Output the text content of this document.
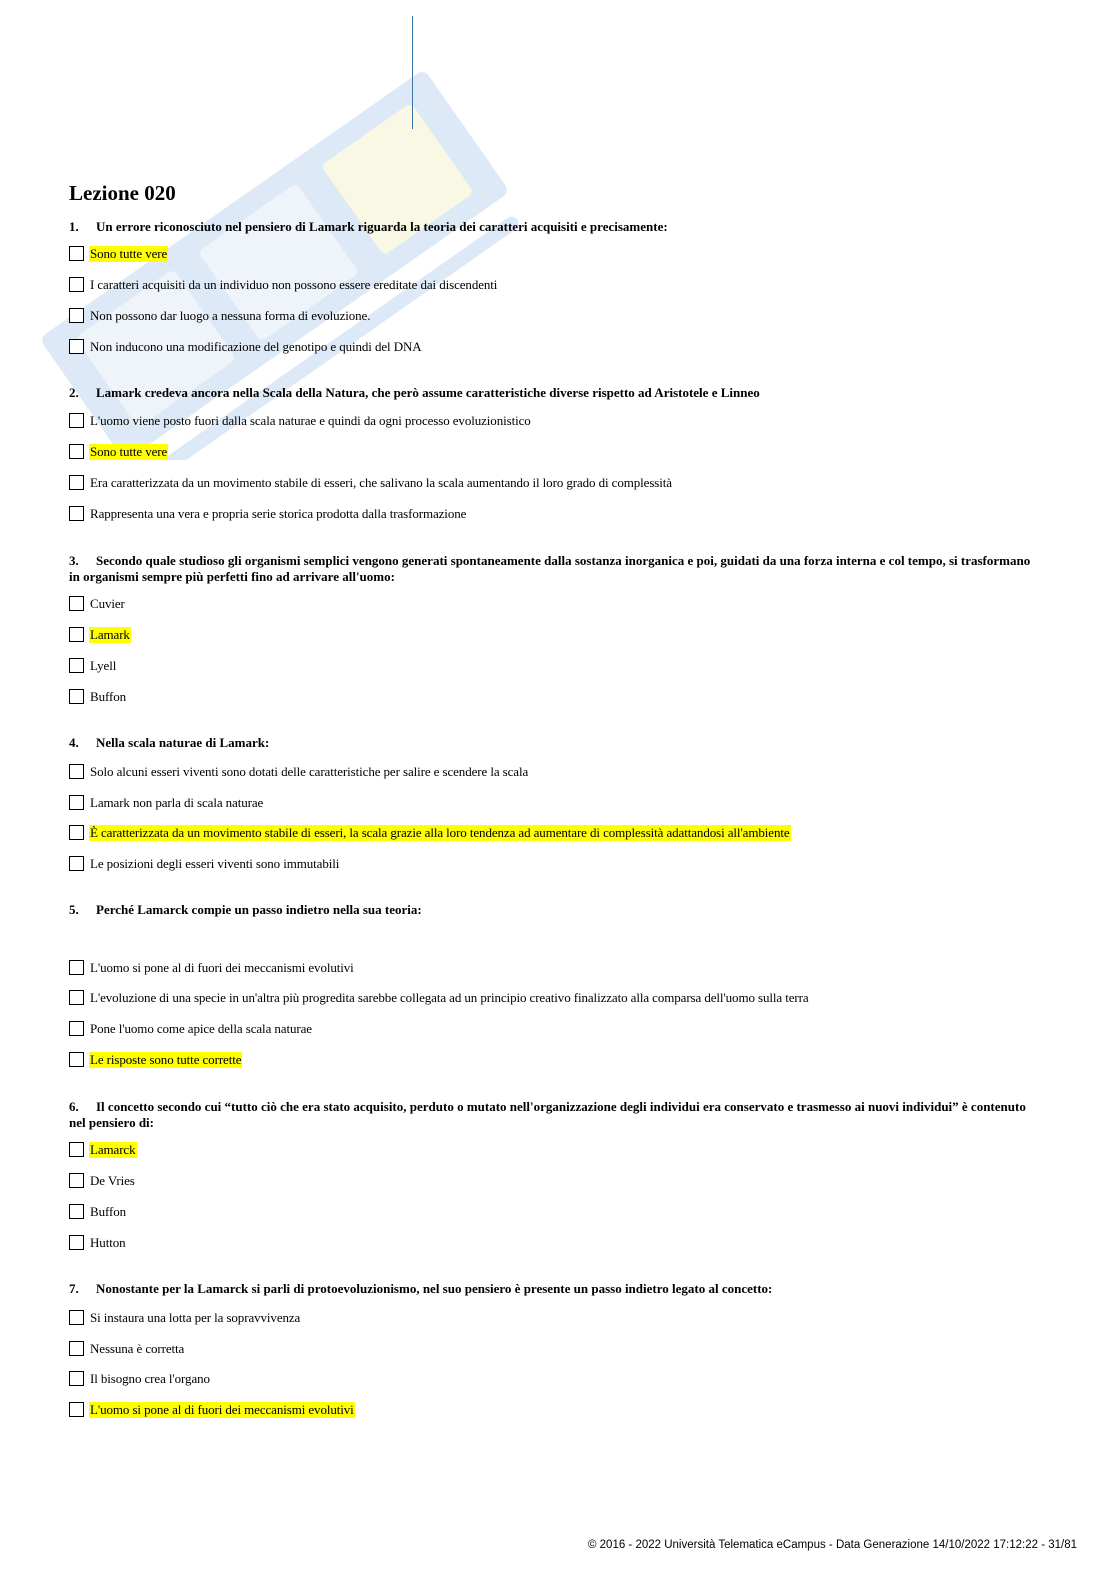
Lezione 020

1. Un errore riconosciuto nel pensiero di Lamark riguarda la teoria dei caratteri acquisiti e precisamente:

Sono tutte vere
I caratteri acquisiti da un individuo non possono essere ereditate dai discendenti
Non possono dar luogo a nessuna forma di evoluzione.
Non inducono una modificazione del genotipo e quindi del DNA

2. Lamark credeva ancora nella Scala della Natura, che però assume caratteristiche diverse rispetto ad Aristotele e Linneo

L'uomo viene posto fuori dalla scala naturae e quindi da ogni processo evoluzionistico
Sono tutte vere
Era caratterizzata da un movimento stabile di esseri, che salivano la scala aumentando il loro grado di complessità
Rappresenta una vera e propria serie storica prodotta dalla trasformazione

3. Secondo quale studioso gli organismi semplici vengono generati spontaneamente dalla sostanza inorganica e poi, guidati da una forza interna e col tempo, si trasformano in organismi sempre più perfetti fino ad arrivare all'uomo:

Cuvier
Lamark
Lyell
Buffon

4. Nella scala naturae di Lamark:

Solo alcuni esseri viventi sono dotati delle caratteristiche per salire e scendere la scala
Lamark non parla di scala naturae
È caratterizzata da un movimento stabile di esseri, la scala grazie alla loro tendenza ad aumentare di complessità adattandosi all'ambiente
Le posizioni degli esseri viventi sono immutabili

5. Perché Lamarck compie un passo indietro nella sua teoria:

L'uomo si pone al di fuori dei meccanismi evolutivi
L'evoluzione di una specie in un'altra più progredita sarebbe collegata ad un principio creativo finalizzato alla comparsa dell'uomo sulla terra
Pone l'uomo come apice della scala naturae
Le risposte sono tutte corrette

6. Il concetto secondo cui “tutto ciò che era stato acquisito, perduto o mutato nell'organizzazione degli individui era conservato e trasmesso ai nuovi individui” è contenuto nel pensiero di:

Lamarck
De Vries
Buffon
Hutton

7. Nonostante per la Lamarck si parli di protoevoluzionismo, nel suo pensiero è presente un passo indietro legato al concetto:

Si instaura una lotta per la sopravvivenza
Nessuna è corretta
Il bisogno crea l'organo
L'uomo si pone al di fuori dei meccanismi evolutivi
© 2016 - 2022 Università Telematica eCampus - Data Generazione 14/10/2022 17:12:22 - 31/81
